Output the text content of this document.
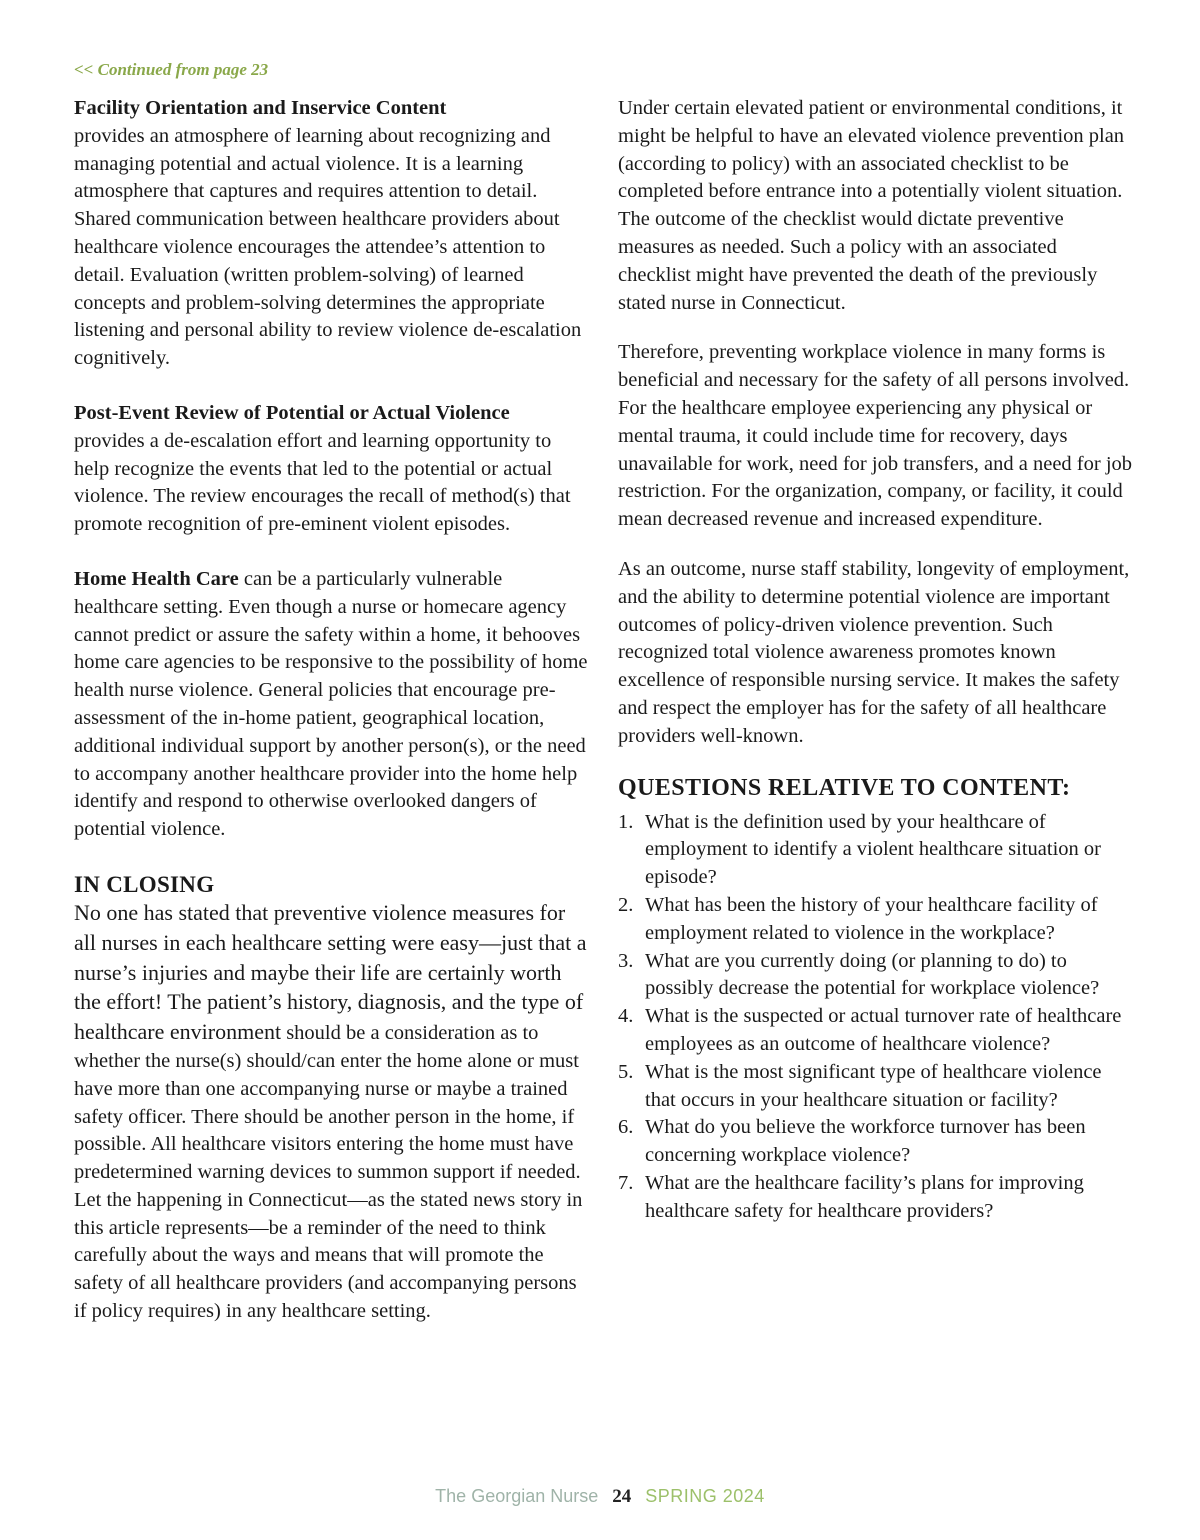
<< Continued from page 23

Facility Orientation and Inservice Content
provides an atmosphere of learning about recognizing and managing potential and actual violence. It is a learning atmosphere that captures and requires attention to detail. Shared communication between healthcare providers about healthcare violence encourages the attendee’s attention to detail. Evaluation (written problem-solving) of learned concepts and problem-solving determines the appropriate listening and personal ability to review violence de-escalation cognitively.

Post-Event Review of Potential or Actual Violence
provides a de-escalation effort and learning opportunity to help recognize the events that led to the potential or actual violence. The review encourages the recall of method(s) that promote recognition of pre-eminent violent episodes.

Home Health Care can be a particularly vulnerable healthcare setting. Even though a nurse or homecare agency cannot predict or assure the safety within a home, it behooves home care agencies to be responsive to the possibility of home health nurse violence. General policies that encourage pre-assessment of the in-home patient, geographical location, additional individual support by another person(s), or the need to accompany another healthcare provider into the home help identify and respond to otherwise overlooked dangers of potential violence.

IN CLOSING

No one has stated that preventive violence measures for all nurses in each healthcare setting were easy—just that a nurse’s injuries and maybe their life are certainly worth the effort! The patient’s history, diagnosis, and the type of healthcare environment should be a consideration as to whether the nurse(s) should/can enter the home alone or must have more than one accompanying nurse or maybe a trained safety officer. There should be another person in the home, if possible. All healthcare visitors entering the home must have predetermined warning devices to summon support if needed. Let the happening in Connecticut—as the stated news story in this article represents—be a reminder of the need to think carefully about the ways and means that will promote the safety of all healthcare providers (and accompanying persons if policy requires) in any healthcare setting.

Under certain elevated patient or environmental conditions, it might be helpful to have an elevated violence prevention plan (according to policy) with an associated checklist to be completed before entrance into a potentially violent situation. The outcome of the checklist would dictate preventive measures as needed. Such a policy with an associated checklist might have prevented the death of the previously stated nurse in Connecticut.

Therefore, preventing workplace violence in many forms is beneficial and necessary for the safety of all persons involved. For the healthcare employee experiencing any physical or mental trauma, it could include time for recovery, days unavailable for work, need for job transfers, and a need for job restriction. For the organization, company, or facility, it could mean decreased revenue and increased expenditure.

As an outcome, nurse staff stability, longevity of employment, and the ability to determine potential violence are important outcomes of policy-driven violence prevention. Such recognized total violence awareness promotes known excellence of responsible nursing service. It makes the safety and respect the employer has for the safety of all healthcare providers well-known.

QUESTIONS RELATIVE TO CONTENT:
1. What is the definition used by your healthcare of employment to identify a violent healthcare situation or episode?
2. What has been the history of your healthcare facility of employment related to violence in the workplace?
3. What are you currently doing (or planning to do) to possibly decrease the potential for workplace violence?
4. What is the suspected or actual turnover rate of healthcare employees as an outcome of healthcare violence?
5. What is the most significant type of healthcare violence that occurs in your healthcare situation or facility?
6. What do you believe the workforce turnover has been concerning workplace violence?
7. What are the healthcare facility’s plans for improving healthcare safety for healthcare providers?
The Georgian Nurse 24 SPRING 2024
